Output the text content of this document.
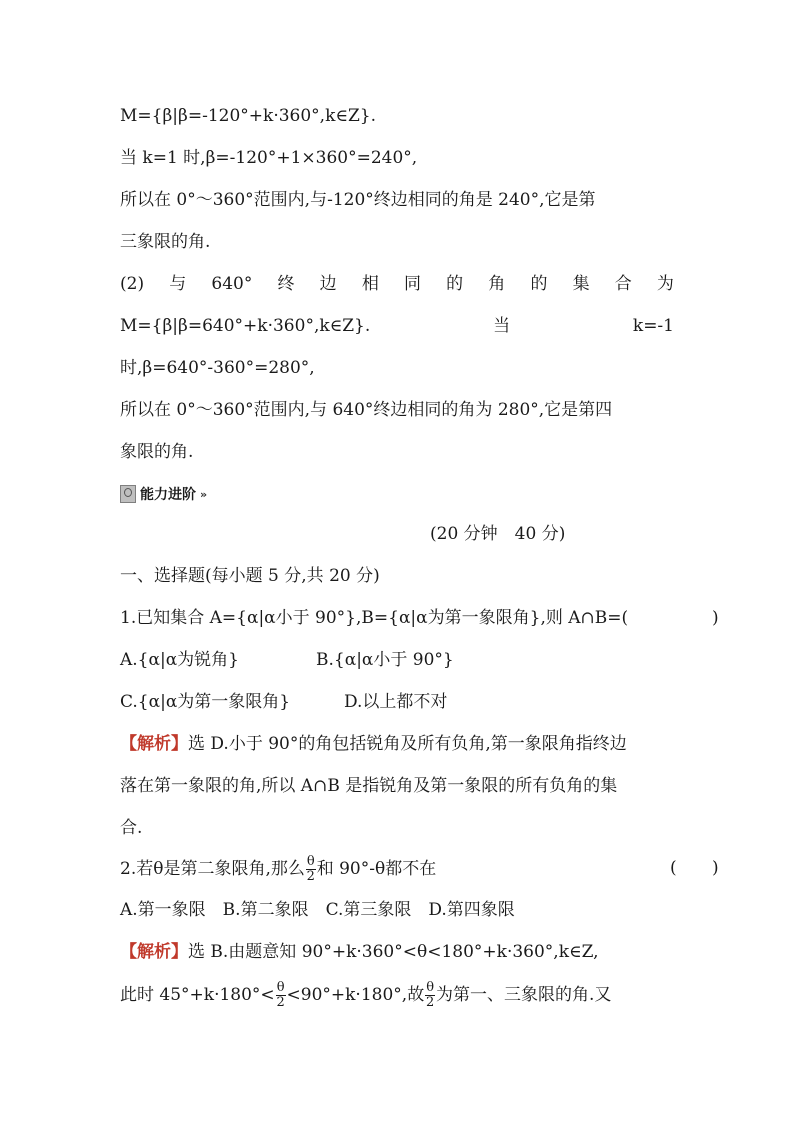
M={β|β=-120°+k·360°,k∈Z}.
当 k=1 时,β=-120°+1×360°=240°,
所以在 0°～360°范围内,与-120°终边相同的角是 240°,它是第
三象限的角.
(2) 与 640° 终 边 相 同 的 角 的 集 合 为
M={β|β=640°+k·360°,k∈Z}.	当	k=-1
时,β=640°-360°=280°,
所以在 0°～360°范围内,与 640°终边相同的角为 280°,它是第四
象限的角.
能力进阶 »
(20 分钟　40 分)
一、选择题(每小题 5 分,共 20 分)
1.已知集合 A={α|α小于 90°},B={α|α为第一象限角},则 A∩B=(	)
A.{α|α为锐角}	B.{α|α小于 90°}
C.{α|α为第一象限角}	D.以上都不对
【解析】选 D.小于 90°的角包括锐角及所有负角,第一象限角指终边
落在第一象限的角,所以 A∩B 是指锐角及第一象限的所有负角的集
合.
2.若θ是第二象限角,那么 $\frac{\theta}{2}$ 和 90°-θ都不在	( )
A.第一象限　B.第二象限　C.第三象限　D.第四象限
【解析】选 B.由题意知 90°+k·360°<θ<180°+k·360°,k∈Z,
此时 $45^\circ+k\cdot 180^\circ< \frac{\theta}{2} <90^\circ+k\cdot 180^\circ$,故 $\frac{\theta}{2}$ 为第一、三象限的角.又
